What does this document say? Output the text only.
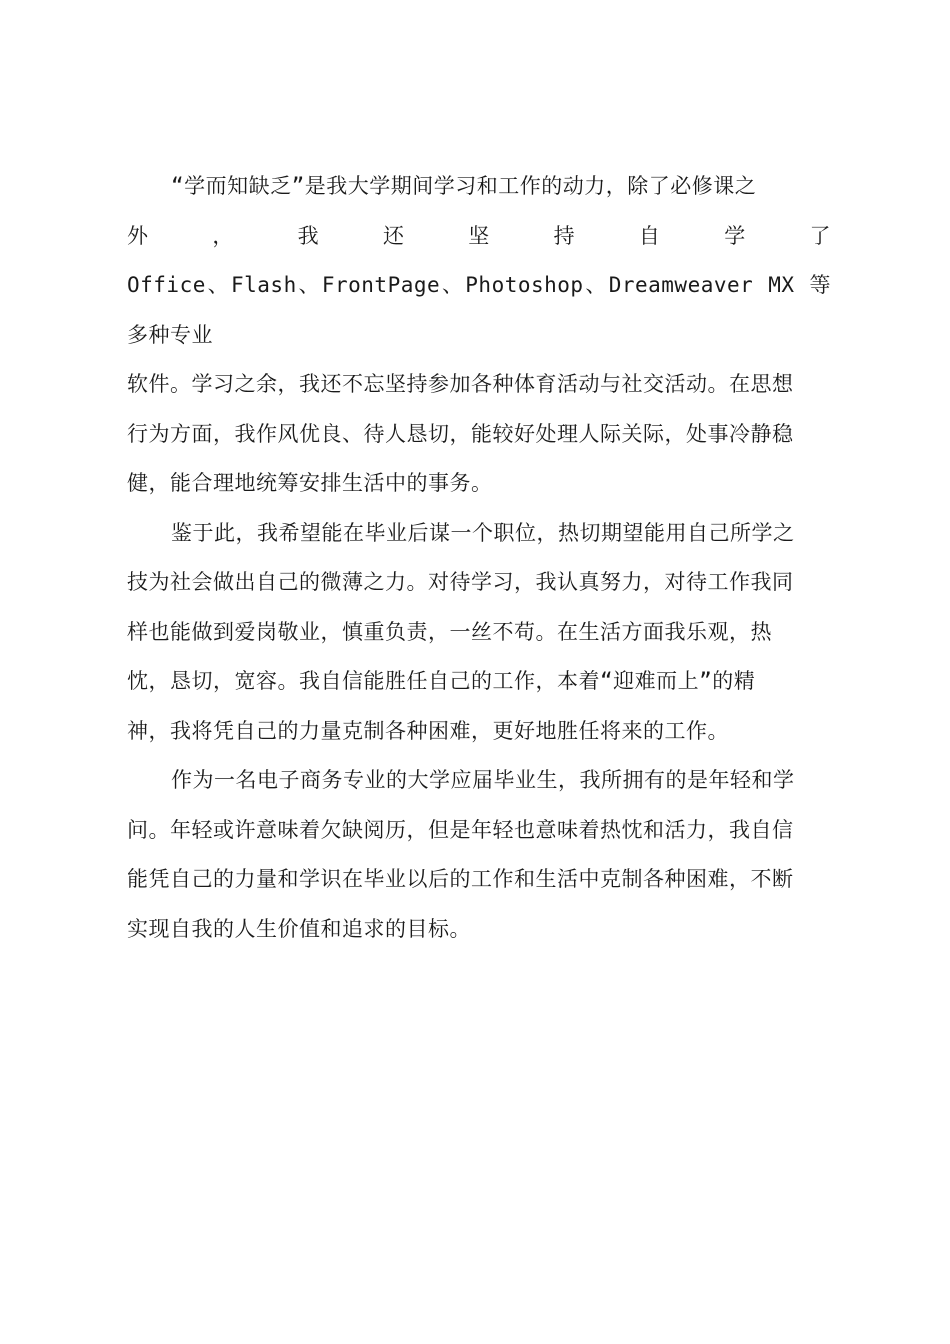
“学而知缺乏”是我大学期间学习和工作的动力，除了必修课之
外	，	我	还	坚	持	自	学	了
Office、Flash、FrontPage、Photoshop、Dreamweaver MX 等多种专业
软件。学习之余，我还不忘坚持参加各种体育活动与社交活动。在思想
行为方面，我作风优良、待人恳切，能较好处理人际关际，处事冷静稳
健，能合理地统筹安排生活中的事务。

鉴于此，我希望能在毕业后谋一个职位，热切期望能用自己所学之
技为社会做出自己的微薄之力。对待学习，我认真努力，对待工作我同
样也能做到爱岗敬业，慎重负责，一丝不苟。在生活方面我乐观，热
忱，恳切，宽容。我自信能胜任自己的工作，本着“迎难而上”的精
神，我将凭自己的力量克制各种困难，更好地胜任将来的工作。

作为一名电子商务专业的大学应届毕业生，我所拥有的是年轻和学
问。年轻或许意味着欠缺阅历，但是年轻也意味着热忱和活力，我自信
能凭自己的力量和学识在毕业以后的工作和生活中克制各种困难，不断
实现自我的人生价值和追求的目标。
